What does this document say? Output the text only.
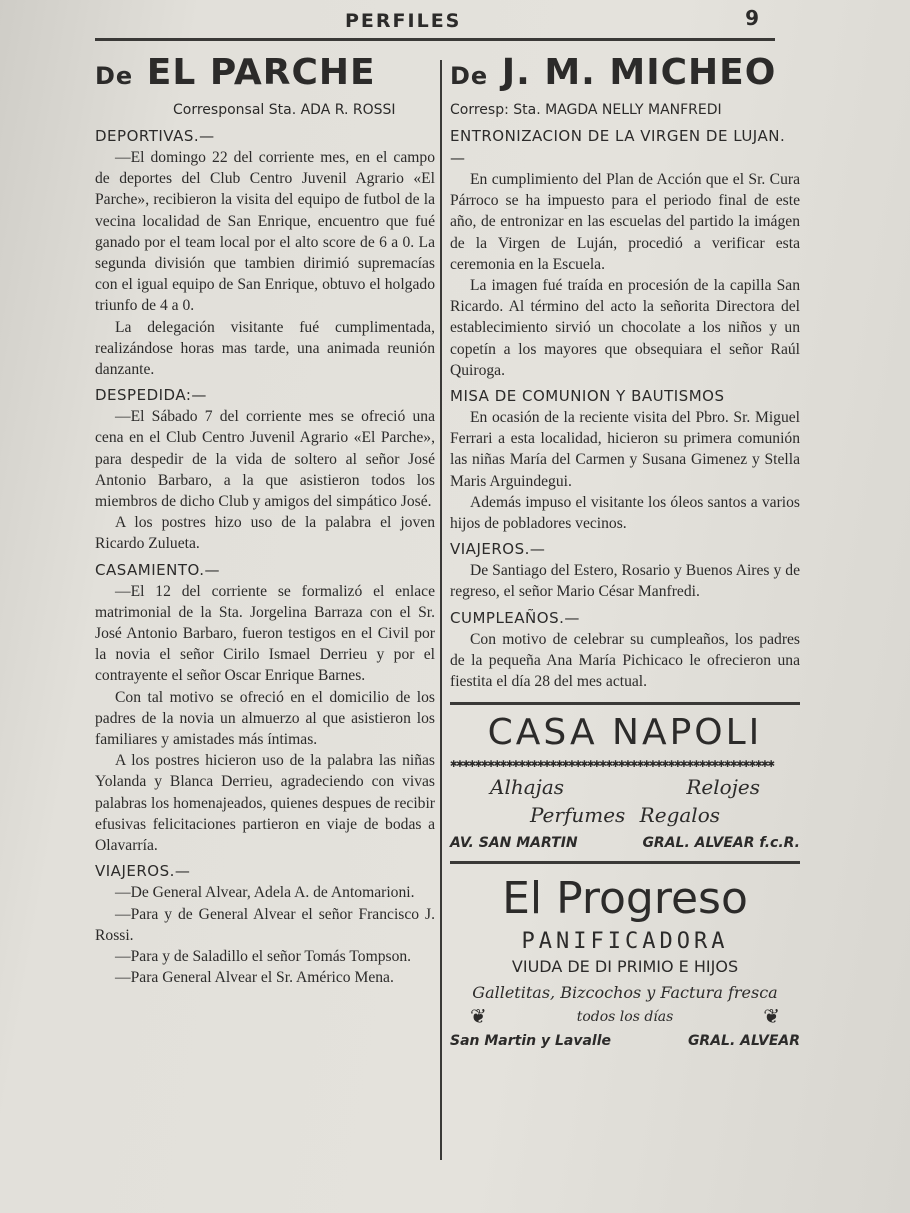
PERFILES	9
De EL PARCHE
Corresponsal Sta. ADA R. ROSSI
DEPORTIVAS.—

—El domingo 22 del corriente mes, en el campo de deportes del Club Centro Juvenil Agrario «El Parche», recibieron la visita del equipo de futbol de la vecina localidad de San Enrique, encuentro que fué ganado por el team local por el alto score de 6 a 0. La segunda división que tambien dirimió supremacías con el igual equipo de San Enrique, obtuvo el holgado triunfo de 4 a 0.

La delegación visitante fué cumplimentada, realizándose horas mas tarde, una animada reunión danzante.

DESPEDIDA:—

—El Sábado 7 del corriente mes se ofreció una cena en el Club Centro Juvenil Agrario «El Parche», para despedir de la vida de soltero al señor José Antonio Barbaro, a la que asistieron todos los miembros de dicho Club y amigos del simpático José.

A los postres hizo uso de la palabra el joven Ricardo Zulueta.

CASAMIENTO.—

—El 12 del corriente se formalizó el enlace matrimonial de la Sta. Jorgelina Barraza con el Sr. José Antonio Barbaro, fueron testigos en el Civil por la novia el señor Cirilo Ismael Derrieu y por el contrayente el señor Oscar Enrique Barnes.

Con tal motivo se ofreció en el domicilio de los padres de la novia un almuerzo al que asistieron los familiares y amistades más íntimas.

A los postres hicieron uso de la palabra las niñas Yolanda y Blanca Derrieu, agradeciendo con vivas palabras los homenajeados, quienes despues de recibir efusivas felicitaciones partieron en viaje de bodas a Olavarría.

VIAJEROS.—

—De General Alvear, Adela A. de Antomarioni.

—Para y de General Alvear el señor Francisco J. Rossi.

—Para y de Saladillo el señor Tomás Tompson.

—Para General Alvear el Sr. Américo Mena.

De J. M. MICHEO
Corresp: Sta. MAGDA NELLY MANFREDI
ENTRONIZACION DE LA VIRGEN DE LUJAN.—

En cumplimiento del Plan de Acción que el Sr. Cura Párroco se ha impuesto para el periodo final de este año, de entronizar en las escuelas del partido la imágen de la Virgen de Luján, procedió a verificar esta ceremonia en la Escuela.

La imagen fué traída en procesión de la capilla San Ricardo. Al término del acto la señorita Directora del establecimiento sirvió un chocolate a los niños y un copetín a los mayores que obsequiara el señor Raúl Quiroga.

MISA DE COMUNION Y BAUTISMOS

En ocasión de la reciente visita del Pbro. Sr. Miguel Ferrari a esta localidad, hicieron su primera comunión las niñas María del Carmen y Susana Gimenez y Stella Maris Arguindegui.

Además impuso el visitante los óleos santos a varios hijos de pobladores vecinos.

VIAJEROS.—

De Santiago del Estero, Rosario y Buenos Aires y de regreso, el señor Mario César Manfredi.

CUMPLEAÑOS.—

Con motivo de celebrar su cumpleaños, los padres de la pequeña Ana María Pichicaco le ofrecieron una fiestita el día 28 del mes actual.

CASA NAPOLI
✱✱✱✱✱✱✱✱✱✱✱✱✱✱✱✱✱✱✱✱✱✱✱✱✱✱✱✱✱✱✱✱✱✱✱✱✱✱✱✱✱✱✱✱✱✱✱✱✱✱✱✱
Alhajas	Relojes
Perfumes Regalos
AV. SAN MARTIN	GRAL. ALVEAR f.c.R.
El Progreso
PANIFICADORA
VIUDA DE DI PRIMIO E HIJOS
Galletitas, Bizcochos y Factura fresca
❦	todos los días	❦
San Martin y Lavalle	GRAL. ALVEAR
